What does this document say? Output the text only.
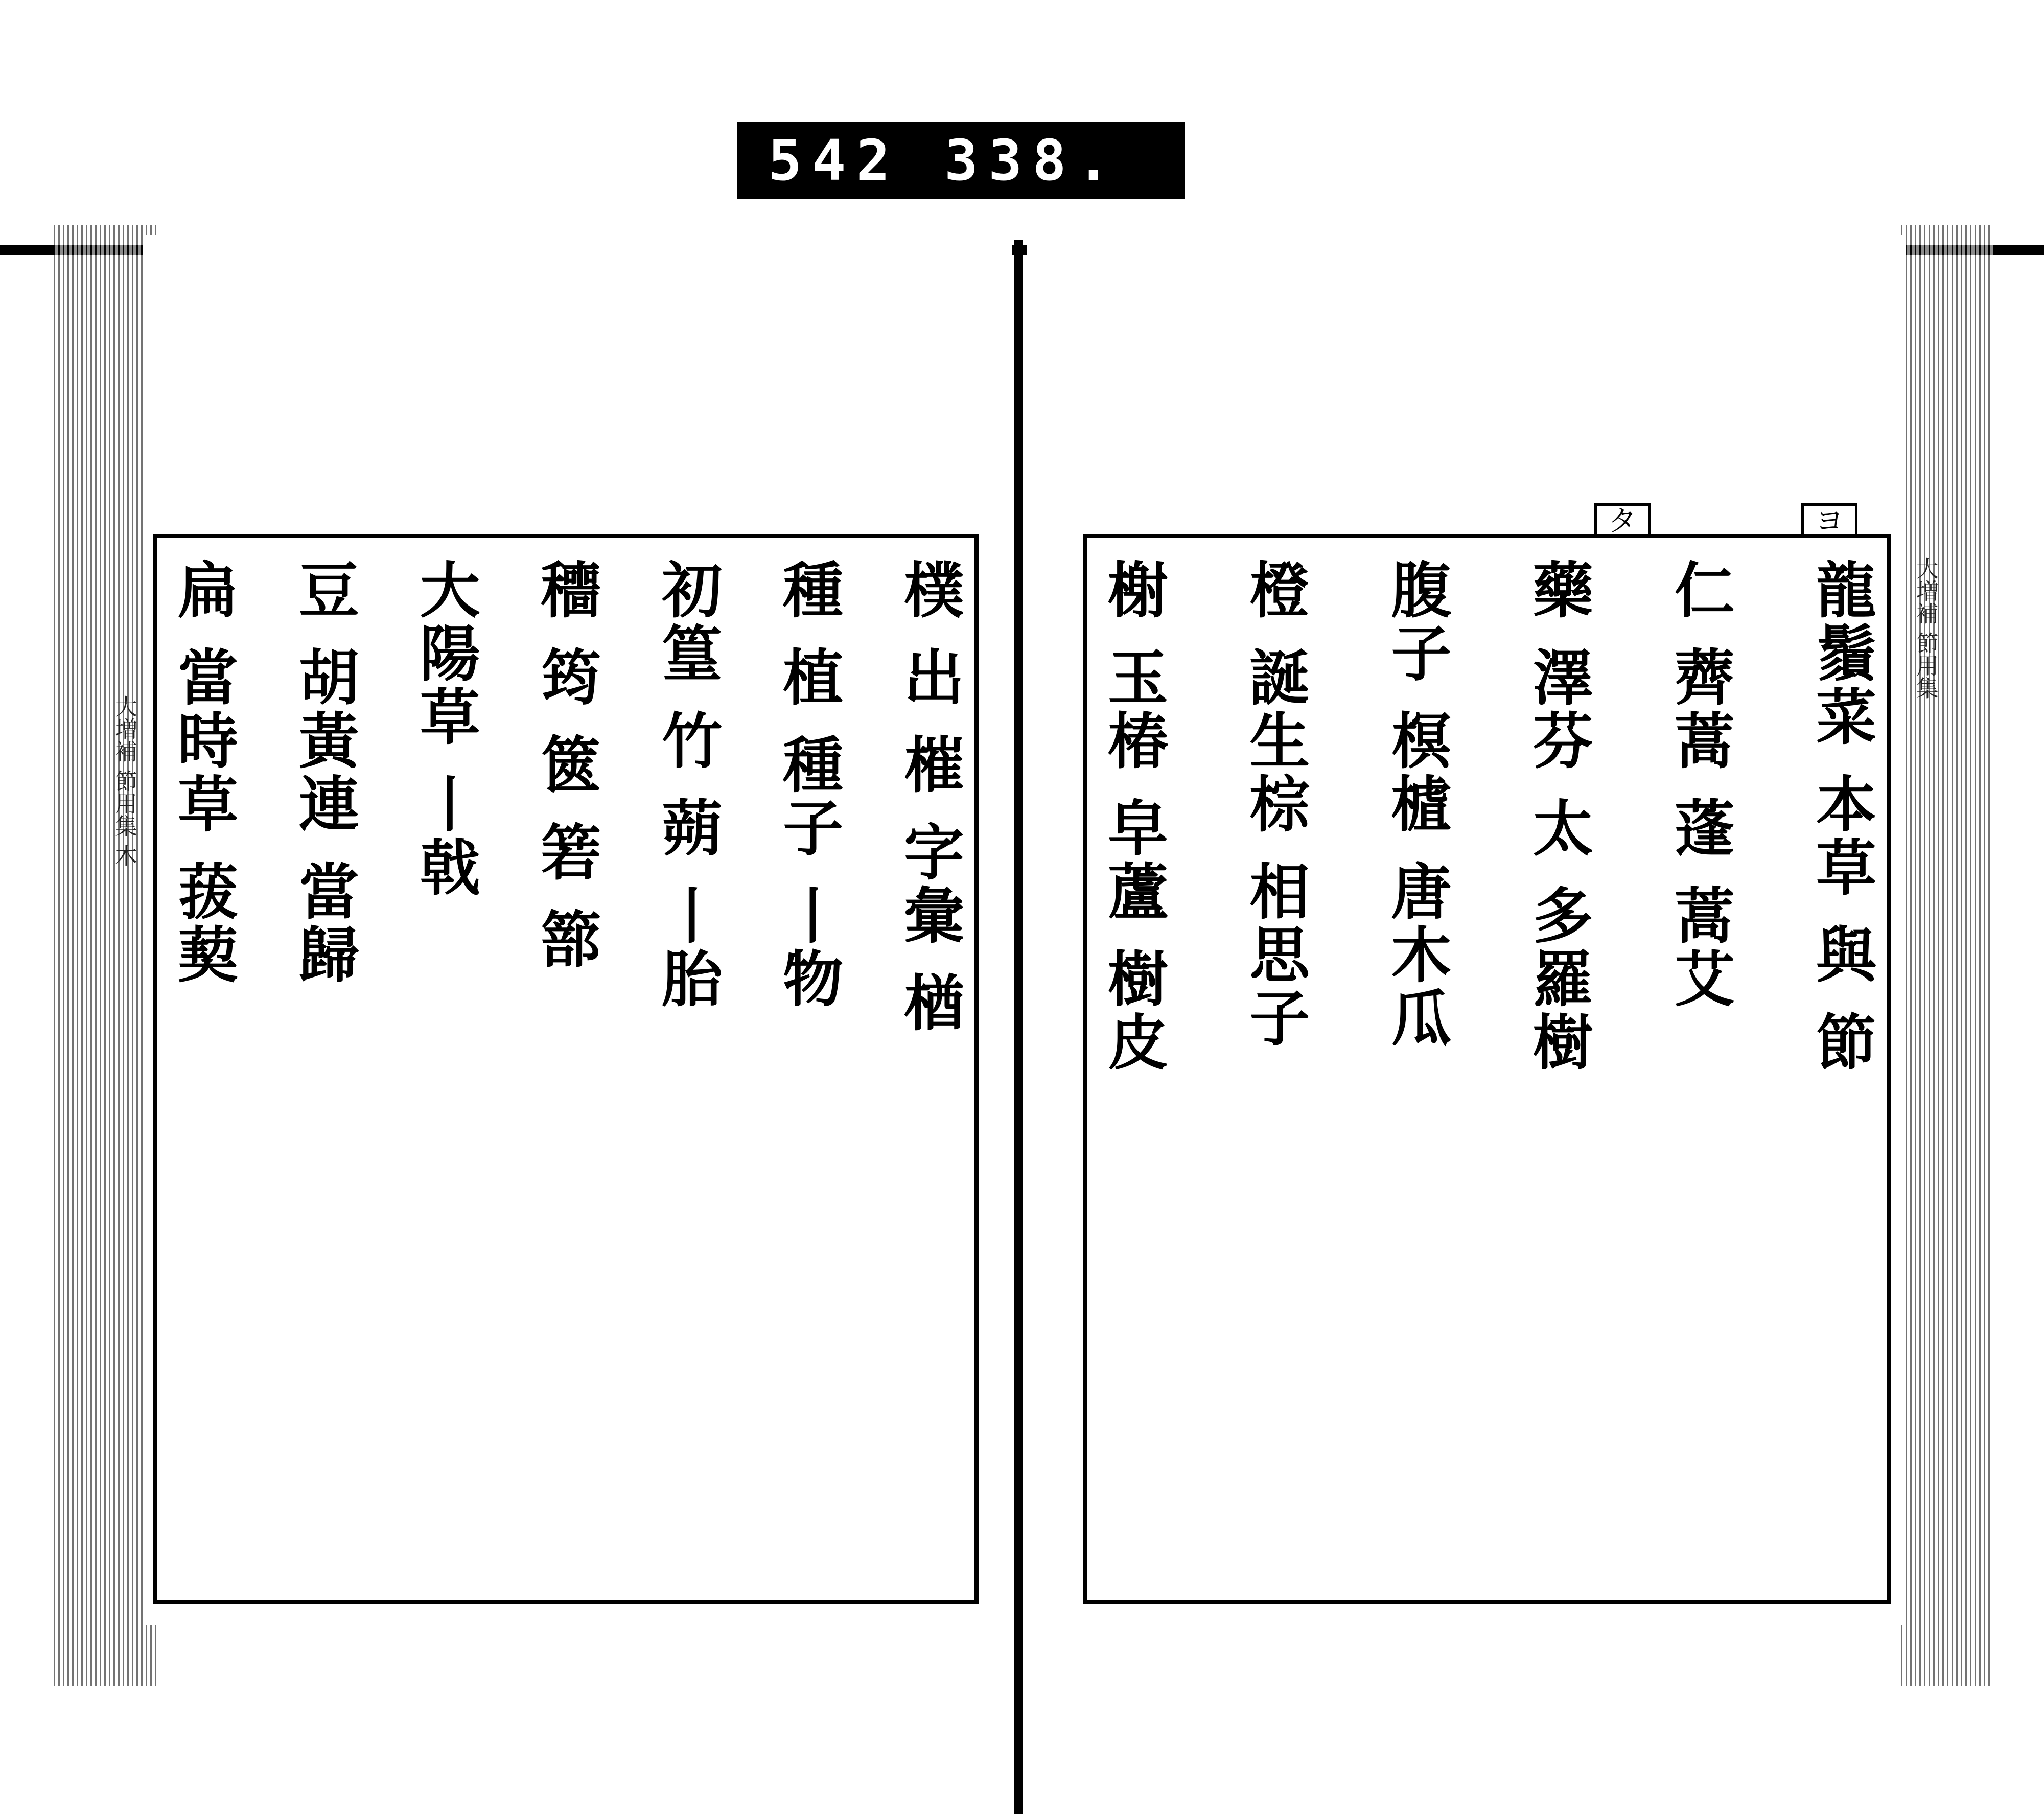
542 338.
ヨ
タ
大増補 節用集 木
大増補 節用集
樸 出 槯 字彙 楢
種 植 種子 丨物
初篁 竹 蒴 丨胎
穯 筠 篋 箬 篰
大陽草 丨戟
豆 胡黃連 當歸
扁 當時草 菝葜	龍鬚菜 本草 與 節
仁 薺蒿 蓬 蒿艾
藥 澤芬 太 多羅樹
腹子 榠樝 唐木瓜
橙 誕生棕 相思子
榭 玉椿 皁蘆 樹皮
